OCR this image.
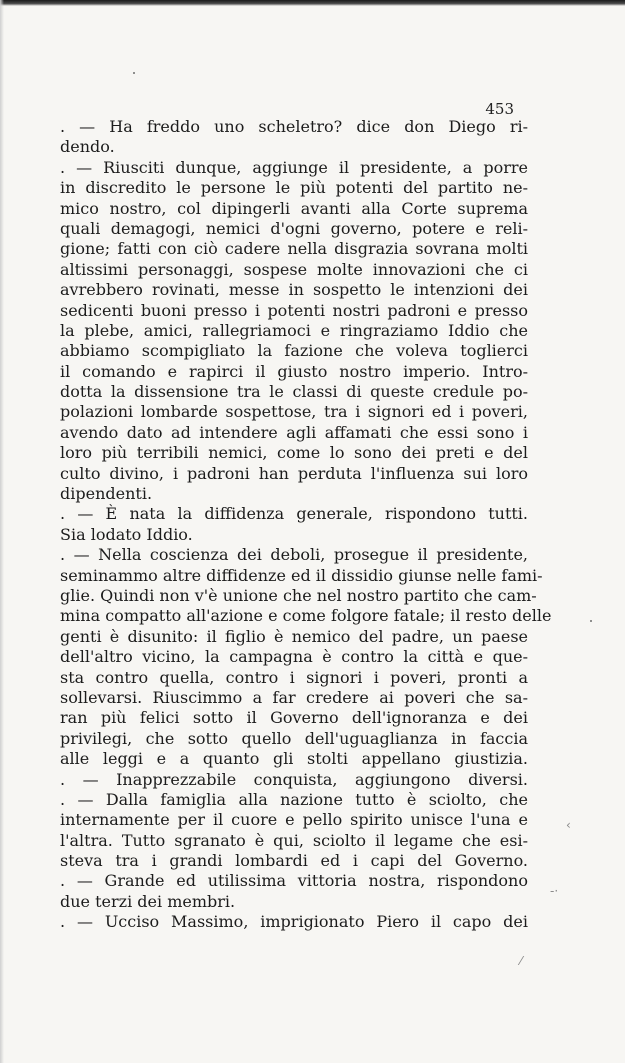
453
. — Ha freddo uno scheletro? dice don Diego ri-
dendo.
. — Riusciti dunque, aggiunge il presidente, a porre
in discredito le persone le più potenti del partito ne-
mico nostro, col dipingerli avanti alla Corte suprema
quali demagogi, nemici d'ogni governo, potere e reli-
gione; fatti con ciò cadere nella disgrazia sovrana molti
altissimi personaggi, sospese molte innovazioni che ci
avrebbero rovinati, messe in sospetto le intenzioni dei
sedicenti buoni presso i potenti nostri padroni e presso
la plebe, amici, rallegriamoci e ringraziamo Iddio che
abbiamo scompigliato la fazione che voleva toglierci
il comando e rapirci il giusto nostro imperio. Intro-
dotta la dissensione tra le classi di queste credule po-
polazioni lombarde sospettose, tra i signori ed i poveri,
avendo dato ad intendere agli affamati che essi sono i
loro più terribili nemici, come lo sono dei preti e del
culto divino, i padroni han perduta l'influenza sui loro
dipendenti.
. — È nata la diffidenza generale, rispondono tutti.
Sia lodato Iddio.
. — Nella coscienza dei deboli, prosegue il presidente,
seminammo altre diffidenze ed il dissidio giunse nelle fami-
glie. Quindi non v'è unione che nel nostro partito che cam-
mina compatto all'azione e come folgore fatale; il resto delle
genti è disunito: il figlio è nemico del padre, un paese
dell'altro vicino, la campagna è contro la città e que-
sta contro quella, contro i signori i poveri, pronti a
sollevarsi. Riuscimmo a far credere ai poveri che sa-
ran più felici sotto il Governo dell'ignoranza e dei
privilegi, che sotto quello dell'uguaglianza in faccia
alle leggi e a quanto gli stolti appellano giustizia.
. — Inapprezzabile conquista, aggiungono diversi.
. — Dalla famiglia alla nazione tutto è sciolto, che
internamente per il cuore e pello spirito unisce l'una e
l'altra. Tutto sgranato è qui, sciolto il legame che esi-
steva tra i grandi lombardi ed i capi del Governo.
. — Grande ed utilissima vittoria nostra, rispondono
due terzi dei membri.
. — Ucciso Massimo, imprigionato Piero il capo dei
‹
-·
⁄
